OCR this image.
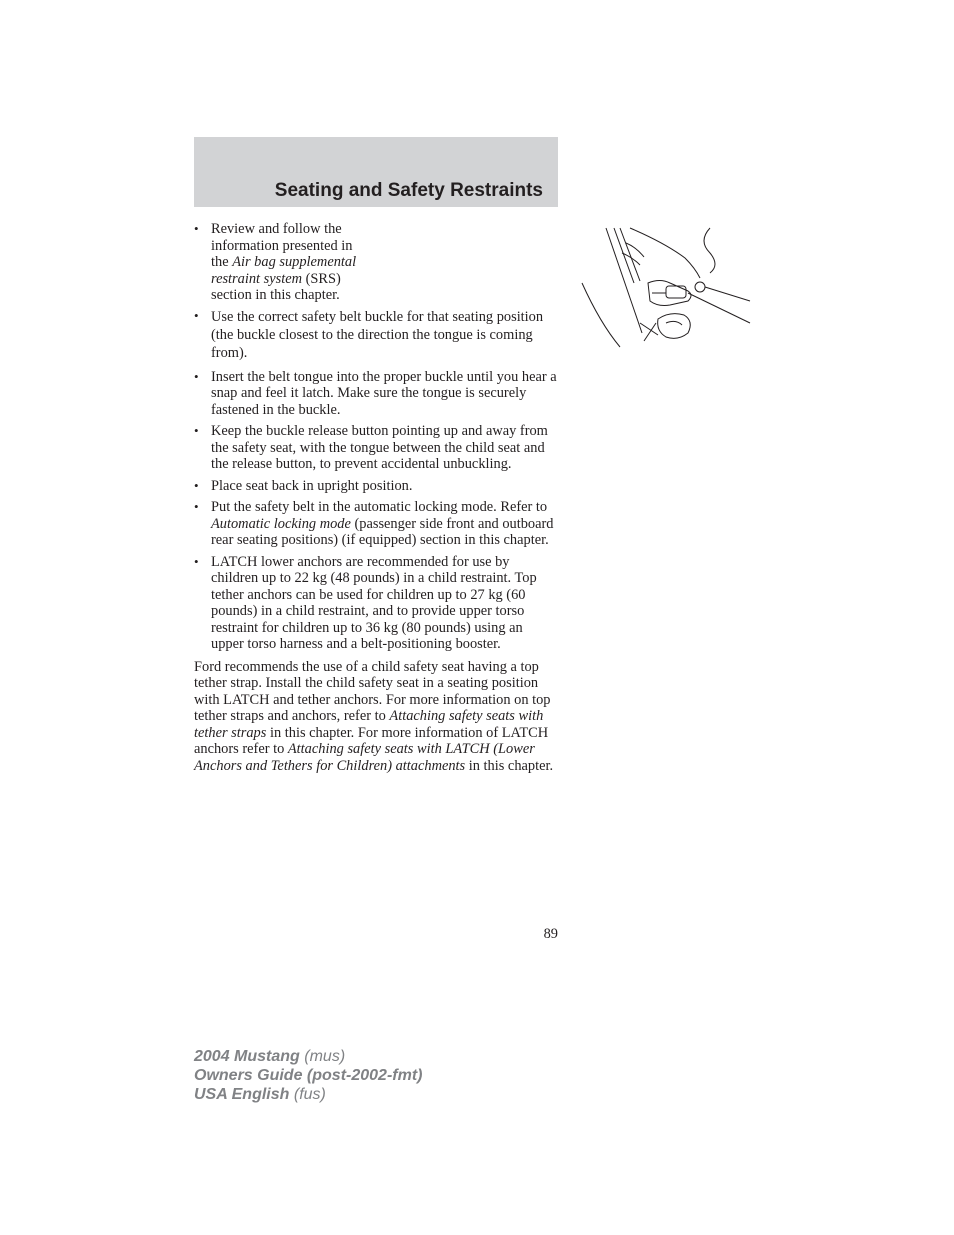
Seating and Safety Restraints
• Review and follow the information presented in the Air bag supplemental restraint system (SRS) section in this chapter.
• Use the correct safety belt buckle for that seating position (the buckle closest to the direction the tongue is coming from).
• Insert the belt tongue into the proper buckle until you hear a snap and feel it latch. Make sure the tongue is securely fastened in the buckle.
• Keep the buckle release button pointing up and away from the safety seat, with the tongue between the child seat and the release button, to prevent accidental unbuckling.
• Place seat back in upright position.
• Put the safety belt in the automatic locking mode. Refer to Automatic locking mode (passenger side front and outboard rear seating positions) (if equipped) section in this chapter.
• LATCH lower anchors are recommended for use by children up to 22 kg (48 pounds) in a child restraint. Top tether anchors can be used for children up to 27 kg (60 pounds) in a child restraint, and to provide upper torso restraint for children up to 36 kg (80 pounds) using an upper torso harness and a belt-positioning booster.
Ford recommends the use of a child safety seat having a top tether strap. Install the child safety seat in a seating position with LATCH and tether anchors. For more information on top tether straps and anchors, refer to Attaching safety seats with tether straps in this chapter. For more information of LATCH anchors refer to Attaching safety seats with LATCH (Lower Anchors and Tethers for Children) attachments in this chapter.
89
2004 Mustang (mus)
Owners Guide (post-2002-fmt)
USA English (fus)
